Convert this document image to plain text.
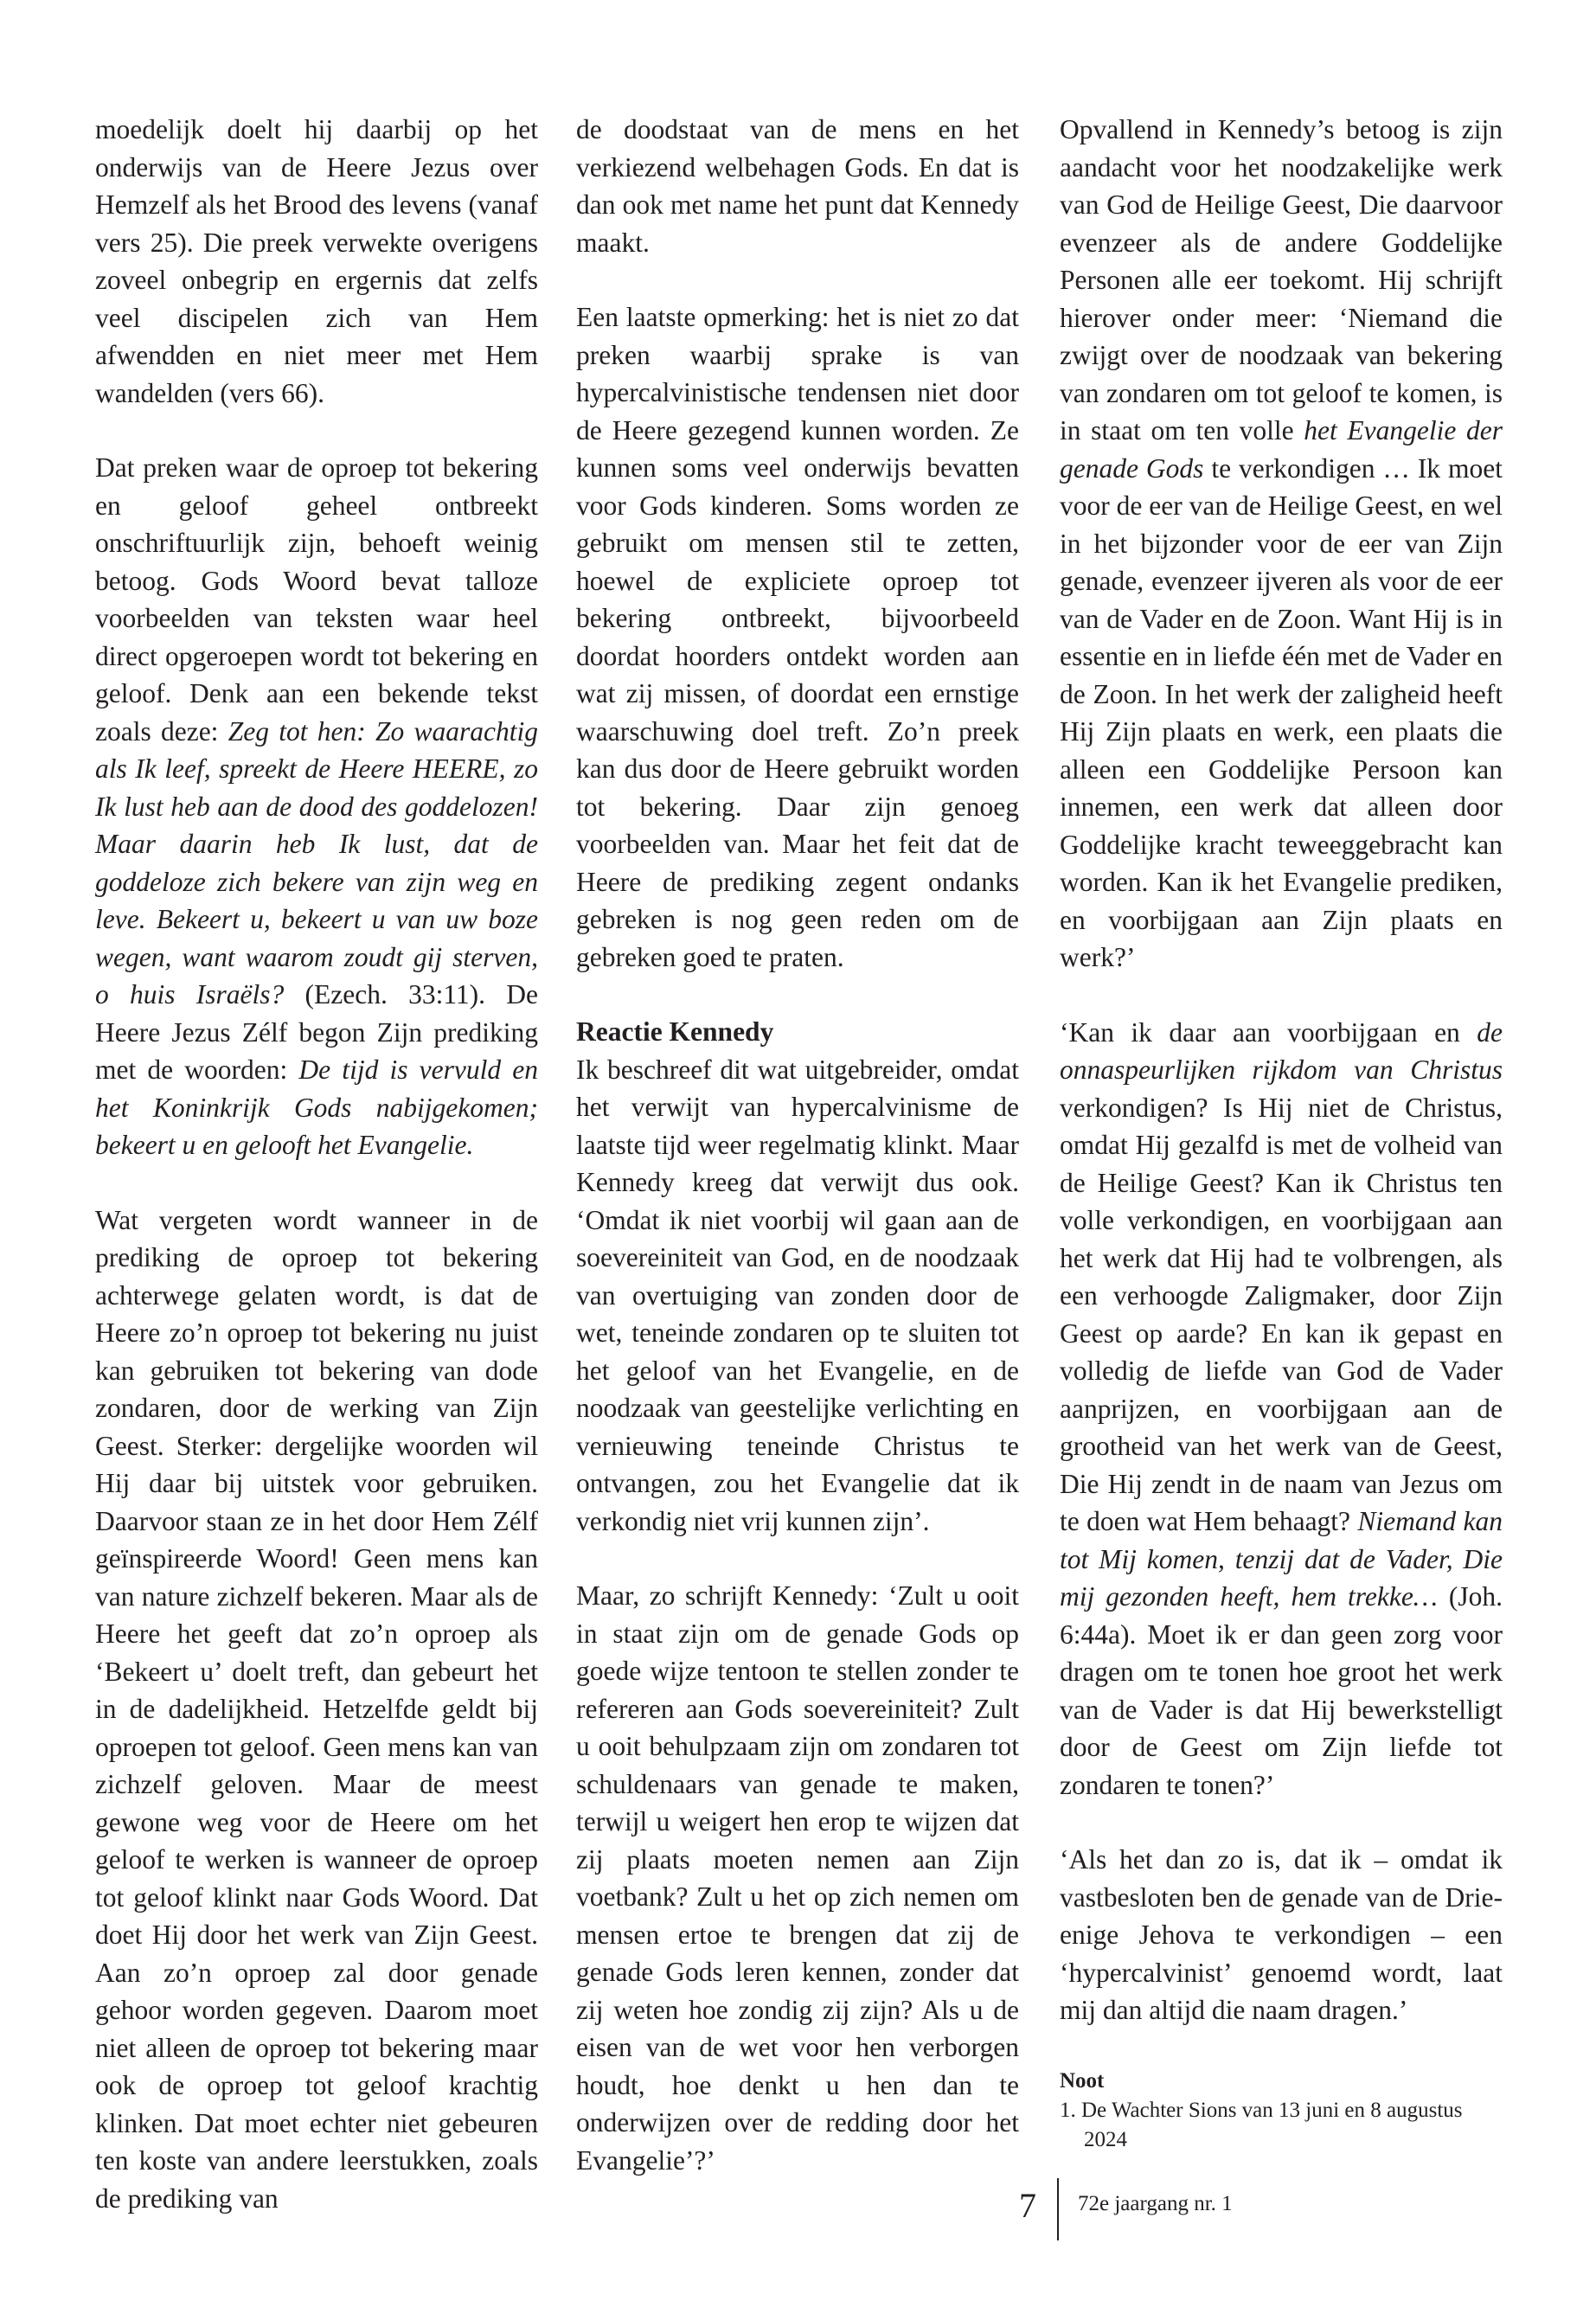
moedelijk doelt hij daarbij op het onderwijs van de Heere Jezus over Hemzelf als het Brood des levens (vanaf vers 25). Die preek verwekte overigens zoveel onbegrip en ergernis dat zelfs veel discipelen zich van Hem afwendden en niet meer met Hem wandelden (vers 66).

Dat preken waar de oproep tot bekering en geloof geheel ontbreekt onschriftuurlijk zijn, behoeft weinig betoog. Gods Woord bevat talloze voorbeelden van teksten waar heel direct opgeroepen wordt tot bekering en geloof. Denk aan een bekende tekst zoals deze: Zeg tot hen: Zo waarachtig als Ik leef, spreekt de Heere HEERE, zo Ik lust heb aan de dood des goddelozen! Maar daarin heb Ik lust, dat de goddeloze zich bekere van zijn weg en leve. Bekeert u, bekeert u van uw boze wegen, want waarom zoudt gij sterven, o huis Israëls? (Ezech. 33:11). De Heere Jezus Zélf begon Zijn prediking met de woorden: De tijd is vervuld en het Koninkrijk Gods nabijgekomen; bekeert u en gelooft het Evangelie.

Wat vergeten wordt wanneer in de prediking de oproep tot bekering achterwege gelaten wordt, is dat de Heere zo’n oproep tot bekering nu juist kan gebruiken tot bekering van dode zondaren, door de werking van Zijn Geest. Sterker: dergelijke woorden wil Hij daar bij uitstek voor gebruiken. Daarvoor staan ze in het door Hem Zélf geïnspireerde Woord! Geen mens kan van nature zichzelf bekeren. Maar als de Heere het geeft dat zo’n oproep als ‘Bekeert u’ doelt treft, dan gebeurt het in de dadelijkheid. Hetzelfde geldt bij oproepen tot geloof. Geen mens kan van zichzelf geloven. Maar de meest gewone weg voor de Heere om het geloof te werken is wanneer de oproep tot geloof klinkt naar Gods Woord. Dat doet Hij door het werk van Zijn Geest. Aan zo’n oproep zal door genade gehoor worden gegeven. Daarom moet niet alleen de oproep tot bekering maar ook de oproep tot geloof krachtig klinken. Dat moet echter niet gebeuren ten koste van andere leerstukken, zoals de prediking van

de doodstaat van de mens en het verkiezend welbehagen Gods. En dat is dan ook met name het punt dat Kennedy maakt.

Een laatste opmerking: het is niet zo dat preken waarbij sprake is van hypercalvinistische tendensen niet door de Heere gezegend kunnen worden. Ze kunnen soms veel onderwijs bevatten voor Gods kinderen. Soms worden ze gebruikt om mensen stil te zetten, hoewel de expliciete oproep tot bekering ontbreekt, bijvoorbeeld doordat hoorders ontdekt worden aan wat zij missen, of doordat een ernstige waarschuwing doel treft. Zo’n preek kan dus door de Heere gebruikt worden tot bekering. Daar zijn genoeg voorbeelden van. Maar het feit dat de Heere de prediking zegent ondanks gebreken is nog geen reden om de gebreken goed te praten.

Reactie Kennedy

Ik beschreef dit wat uitgebreider, omdat het verwijt van hypercalvinisme de laatste tijd weer regelmatig klinkt. Maar Kennedy kreeg dat verwijt dus ook. ‘Omdat ik niet voorbij wil gaan aan de soevereiniteit van God, en de noodzaak van overtuiging van zonden door de wet, teneinde zondaren op te sluiten tot het geloof van het Evangelie, en de noodzaak van geestelijke verlichting en vernieuwing teneinde Christus te ontvangen, zou het Evangelie dat ik verkondig niet vrij kunnen zijn’.

Maar, zo schrijft Kennedy: ‘Zult u ooit in staat zijn om de genade Gods op goede wijze tentoon te stellen zonder te refereren aan Gods soevereiniteit? Zult u ooit behulpzaam zijn om zondaren tot schuldenaars van genade te maken, terwijl u weigert hen erop te wijzen dat zij plaats moeten nemen aan Zijn voetbank? Zult u het op zich nemen om mensen ertoe te brengen dat zij de genade Gods leren kennen, zonder dat zij weten hoe zondig zij zijn? Als u de eisen van de wet voor hen verborgen houdt, hoe denkt u hen dan te onderwijzen over de redding door het Evangelie’?’

Opvallend in Kennedy’s betoog is zijn aandacht voor het noodzakelijke werk van God de Heilige Geest, Die daarvoor evenzeer als de andere Goddelijke Personen alle eer toekomt. Hij schrijft hierover onder meer: ‘Niemand die zwijgt over de noodzaak van bekering van zondaren om tot geloof te komen, is in staat om ten volle het Evangelie der genade Gods te verkondigen … Ik moet voor de eer van de Heilige Geest, en wel in het bijzonder voor de eer van Zijn genade, evenzeer ijveren als voor de eer van de Vader en de Zoon. Want Hij is in essentie en in liefde één met de Vader en de Zoon. In het werk der zaligheid heeft Hij Zijn plaats en werk, een plaats die alleen een Goddelijke Persoon kan innemen, een werk dat alleen door Goddelijke kracht teweeggebracht kan worden. Kan ik het Evangelie prediken, en voorbijgaan aan Zijn plaats en werk?’

‘Kan ik daar aan voorbijgaan en de onnaspeurlijken rijkdom van Christus verkondigen? Is Hij niet de Christus, omdat Hij gezalfd is met de volheid van de Heilige Geest? Kan ik Christus ten volle verkondigen, en voorbijgaan aan het werk dat Hij had te volbrengen, als een verhoogde Zaligmaker, door Zijn Geest op aarde? En kan ik gepast en volledig de liefde van God de Vader aanprijzen, en voorbijgaan aan de grootheid van het werk van de Geest, Die Hij zendt in de naam van Jezus om te doen wat Hem behaagt? Niemand kan tot Mij komen, tenzij dat de Vader, Die mij gezonden heeft, hem trekke… (Joh. 6:44a). Moet ik er dan geen zorg voor dragen om te tonen hoe groot het werk van de Vader is dat Hij bewerkstelligt door de Geest om Zijn liefde tot zondaren te tonen?’

‘Als het dan zo is, dat ik – omdat ik vastbesloten ben de genade van de Drie-enige Jehova te verkondigen – een ‘hypercalvinist’ genoemd wordt, laat mij dan altijd die naam dragen.’

Noot
1. De Wachter Sions van 13 juni en 8 augustus 2024
7 72e jaargang nr. 1
